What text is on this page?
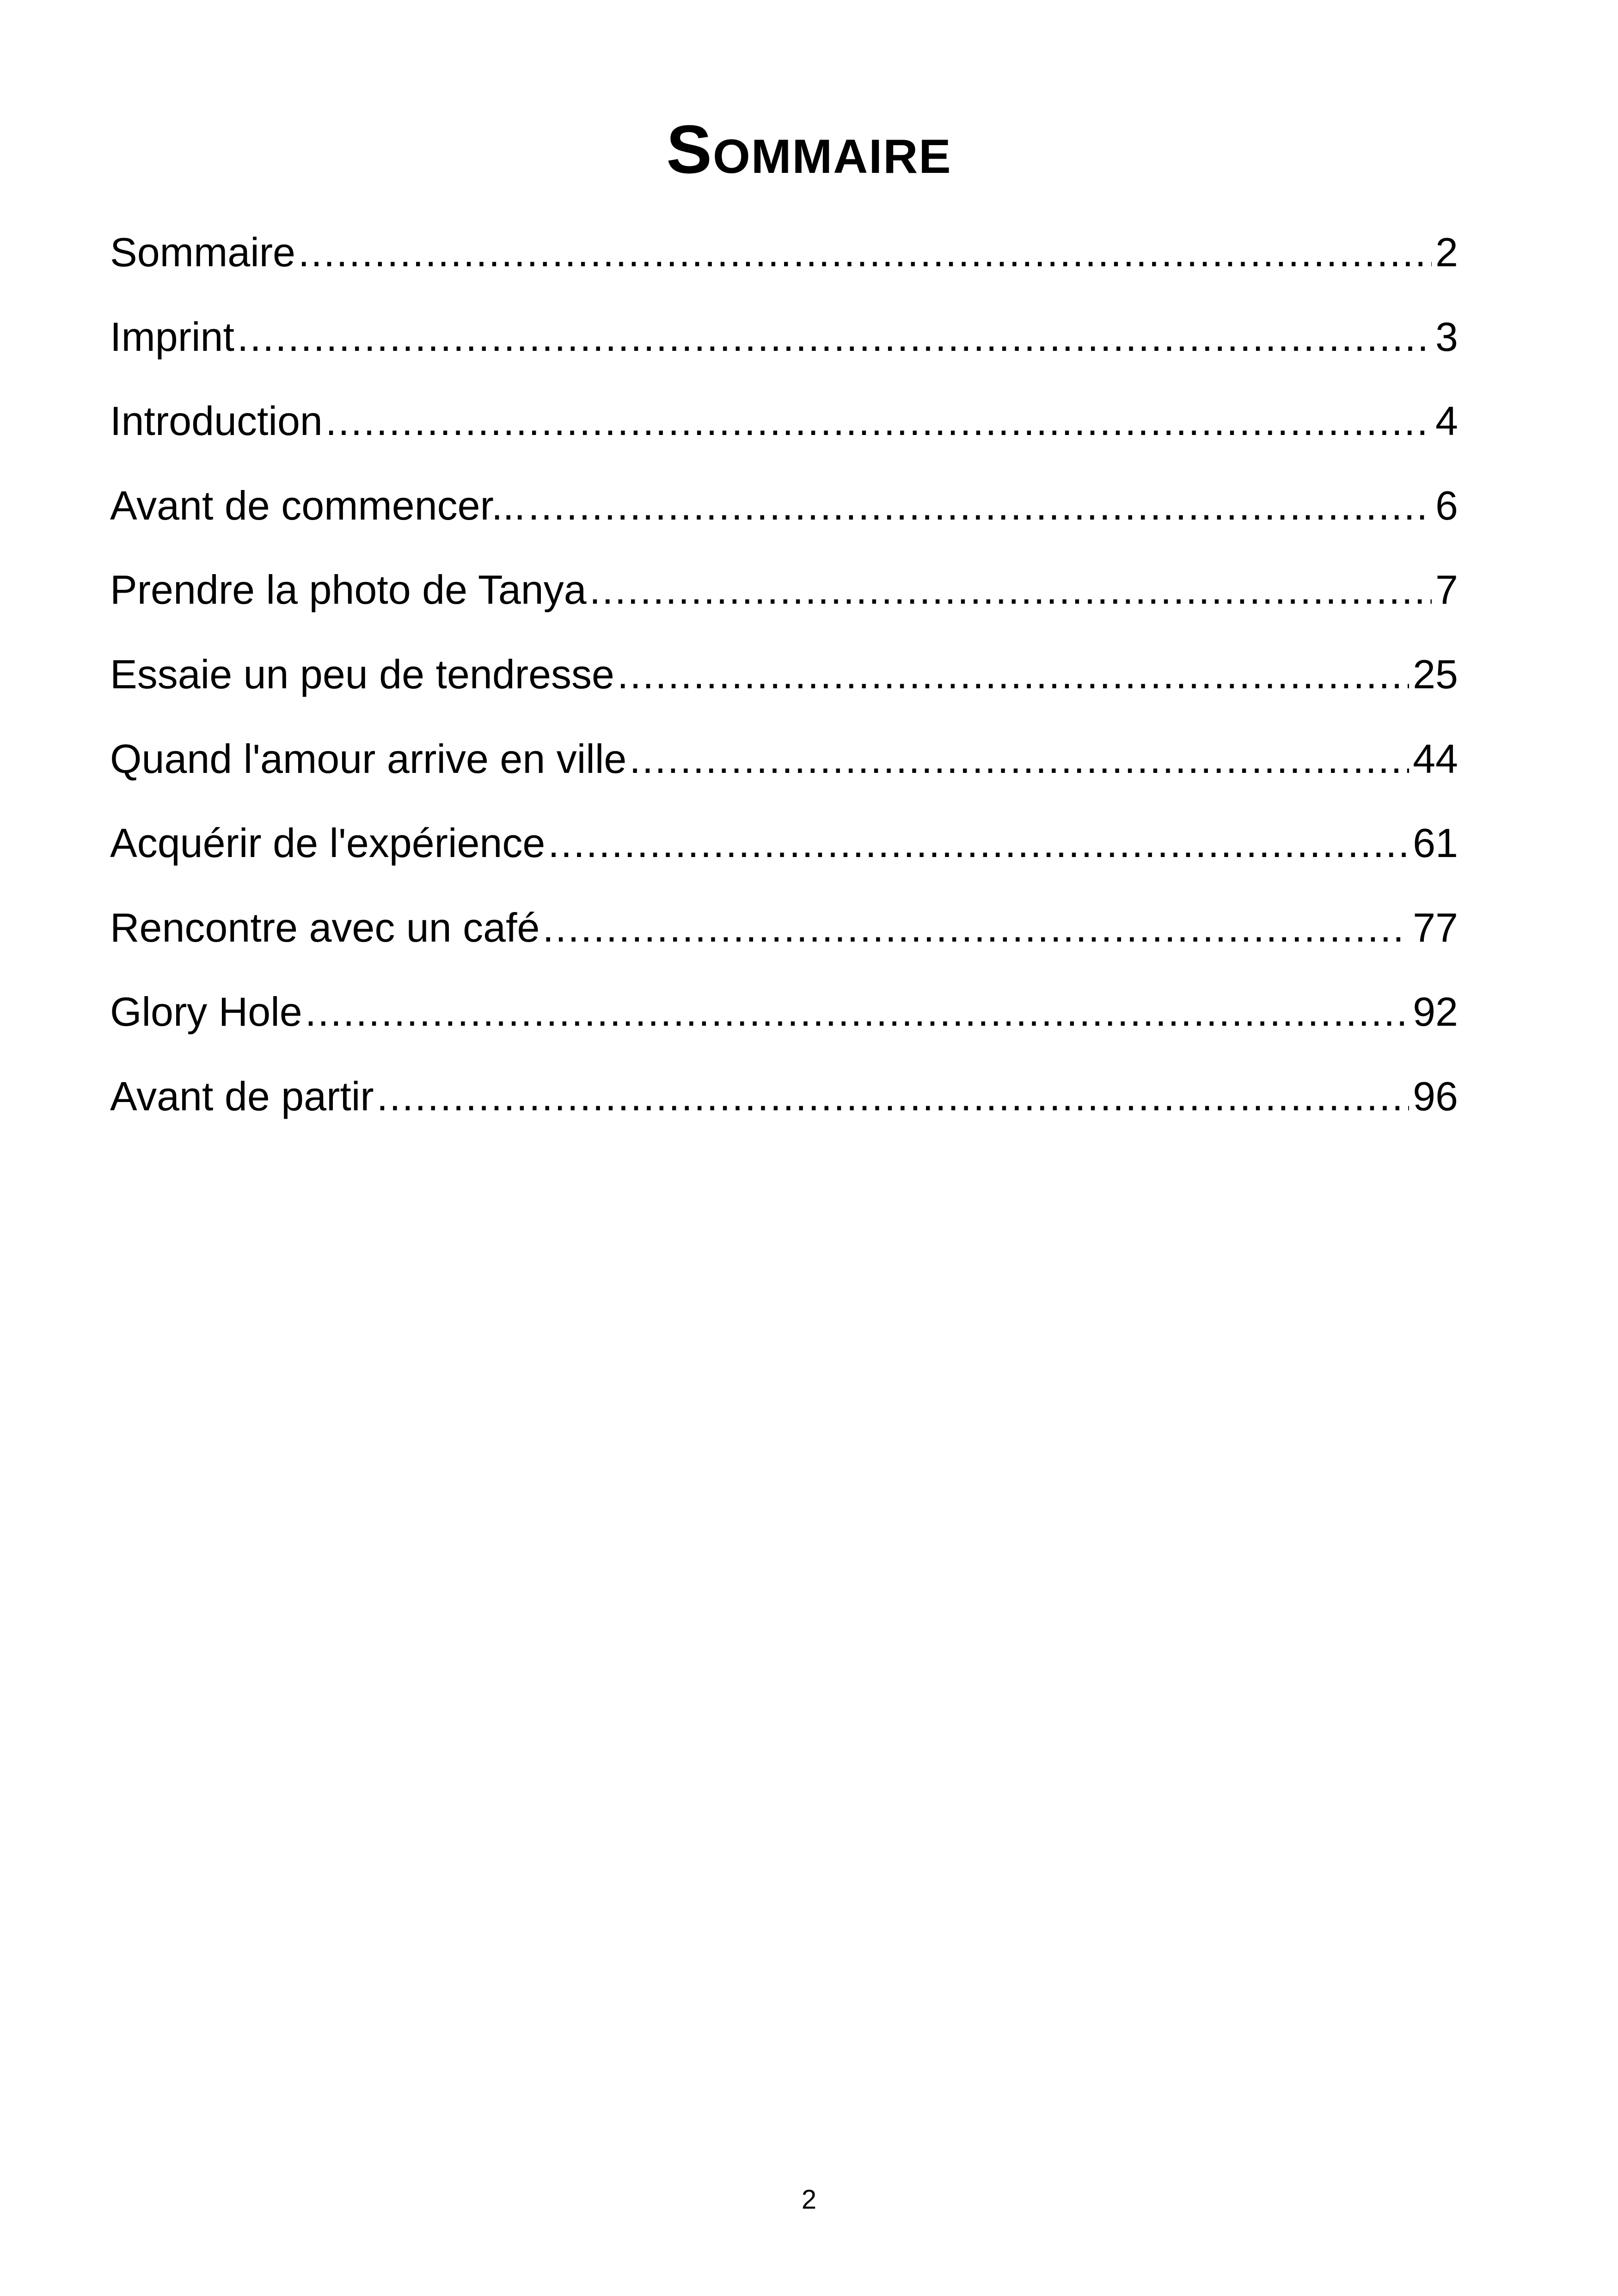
Sommaire
Sommaire .....	2
Imprint .....	3
Introduction .....	4
Avant de commencer... .....	6
Prendre la photo de Tanya .....	7
Essaie un peu de tendresse .....	25
Quand l'amour arrive en ville .....	44
Acquérir de l'expérience .....	61
Rencontre avec un café .....	77
Glory Hole .....	92
Avant de partir .....	96
2
